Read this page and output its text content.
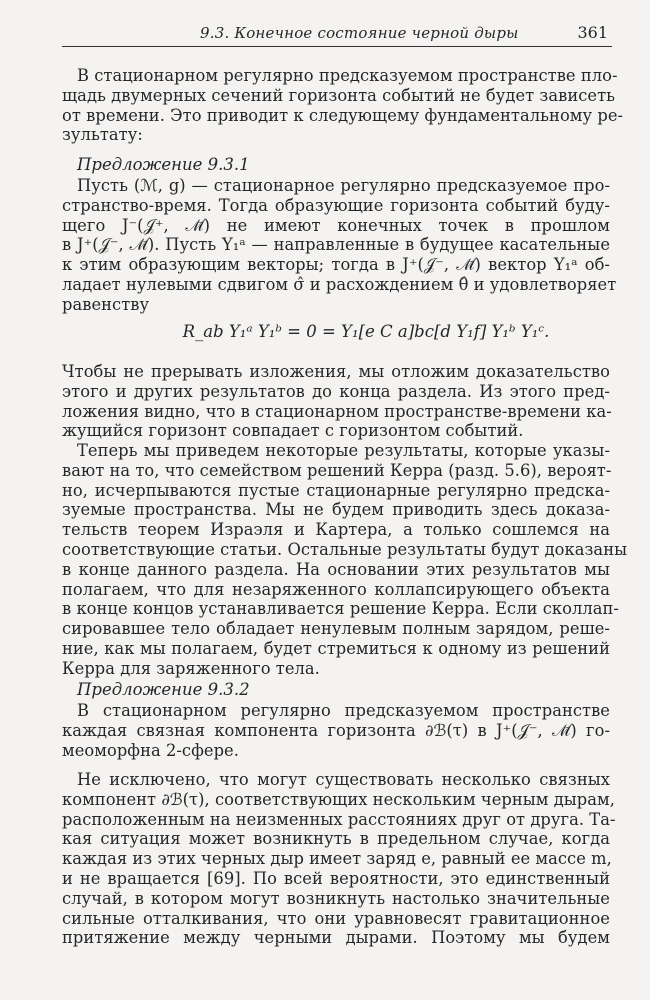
9.3. Конечное состояние черной дыры	361
В стационарном регулярно предсказуемом пространстве пло-
щадь двумерных сечений горизонта событий не будет зависеть
от времени. Это приводит к следующему фундаментальному ре-
зультату:
Предложение 9.3.1
Пусть (ℳ, g) — стационарное регулярно предсказуемое про-
странство-время. Тогда образующие горизонта событий буду-
щего J⁻(𝒥⁺, ℳ̄) не имеют конечных точек в прошлом
в J⁺(𝒥⁻, ℳ̄). Пусть Y₁ᵃ — направленные в будущее касательные
к этим образующим векторы; тогда в J⁺(𝒥⁻, ℳ̄) вектор Y₁ᵃ об-
ладает нулевыми сдвигом σ̂ и расхождением θ̂ и удовлетворяет
равенству
R_ab Y₁ᵃ Y₁ᵇ = 0 = Y₁[e C a]bc[d Y₁f] Y₁ᵇ Y₁ᶜ.
Чтобы не прерывать изложения, мы отложим доказательство
этого и других результатов до конца раздела. Из этого пред-
ложения видно, что в стационарном пространстве-времени ка-
жущийся горизонт совпадает с горизонтом событий.
Теперь мы приведем некоторые результаты, которые указы-
вают на то, что семейством решений Керра (разд. 5.6), вероят-
но, исчерпываются пустые стационарные регулярно предска-
зуемые пространства. Мы не будем приводить здесь доказа-
тельств теорем Израэля и Картера, а только сошлемся на
соответствующие статьи. Остальные результаты будут доказаны
в конце данного раздела. На основании этих результатов мы
полагаем, что для незаряженного коллапсирующего объекта
в конце концов устанавливается решение Керра. Если сколлап-
сировавшее тело обладает ненулевым полным зарядом, реше-
ние, как мы полагаем, будет стремиться к одному из решений
Керра для заряженного тела.
Предложение 9.3.2
В стационарном регулярно предсказуемом пространстве
каждая связная компонента горизонта ∂ℬ(τ) в J⁺(𝒥⁻, ℳ̄) го-
меоморфна 2-сфере.
Не исключено, что могут существовать несколько связных
компонент ∂ℬ(τ), соответствующих нескольким черным дырам,
расположенным на неизменных расстояниях друг от друга. Та-
кая ситуация может возникнуть в предельном случае, когда
каждая из этих черных дыр имеет заряд e, равный ее массе m,
и не вращается [69]. По всей вероятности, это единственный
случай, в котором могут возникнуть настолько значительные
сильные отталкивания, что они уравновесят гравитационное
притяжение между черными дырами. Поэтому мы будем
